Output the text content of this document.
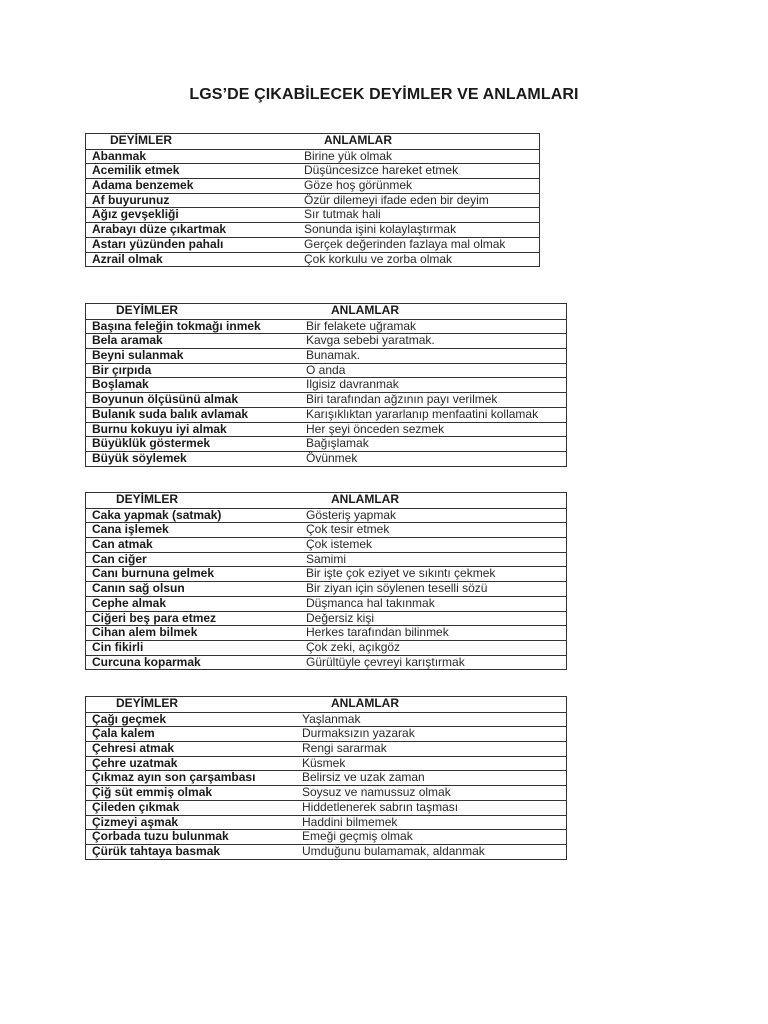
LGS’DE ÇIKABİLECEK DEYİMLER VE ANLAMLARI
DEYİMLER	ANLAMLAR
Abanmak	Birine yük olmak
Acemilik etmek	Düşüncesizce hareket etmek
Adama benzemek	Göze hoş görünmek
Af buyurunuz	Özür dilemeyi ifade eden bir deyim
Ağız gevşekliği	Sır tutmak hali
Arabayı düze çıkartmak	Sonunda işini kolaylaştırmak
Astarı yüzünden pahalı	Gerçek değerinden fazlaya mal olmak
Azrail olmak	Çok korkulu ve zorba olmak
DEYİMLER	ANLAMLAR
Başına feleğin tokmağı inmek	Bir felakete uğramak
Bela aramak	Kavga sebebi yaratmak.
Beyni sulanmak	Bunamak.
Bir çırpıda	O anda
Boşlamak	Ilgisiz davranmak
Boyunun ölçüsünü almak	Biri tarafından ağzının payı verilmek
Bulanık suda balık avlamak	Karışıklıktan yararlanıp menfaatini kollamak
Burnu kokuyu iyi almak	Her şeyi önceden sezmek
Büyüklük göstermek	Bağışlamak
Büyük söylemek	Övünmek
DEYİMLER	ANLAMLAR
Caka yapmak (satmak)	Gösteriş yapmak
Cana işlemek	Çok tesir etmek
Can atmak	Çok istemek
Can ciğer	Samimi
Canı burnuna gelmek	Bir işte çok eziyet ve sıkıntı çekmek
Canın sağ olsun	Bir ziyan için söylenen teselli sözü
Cephe almak	Düşmanca hal takınmak
Ciğeri beş para etmez	Değersiz kişi
Cihan alem bilmek	Herkes tarafından bilinmek
Cin fikirli	Çok zeki, açıkgöz
Curcuna koparmak	Gürültüyle çevreyi karıştırmak
DEYİMLER	ANLAMLAR
Çağı geçmek	Yaşlanmak
Çala kalem	Durmaksızın yazarak
Çehresi atmak	Rengi sararmak
Çehre uzatmak	Küsmek
Çıkmaz ayın son çarşambası	Belirsiz ve uzak zaman
Çiğ süt emmiş olmak	Soysuz ve namussuz olmak
Çileden çıkmak	Hiddetlenerek sabrın taşması
Çizmeyi aşmak	Haddini bilmemek
Çorbada tuzu bulunmak	Emeği geçmiş olmak
Çürük tahtaya basmak	Umduğunu bulamamak, aldanmak
